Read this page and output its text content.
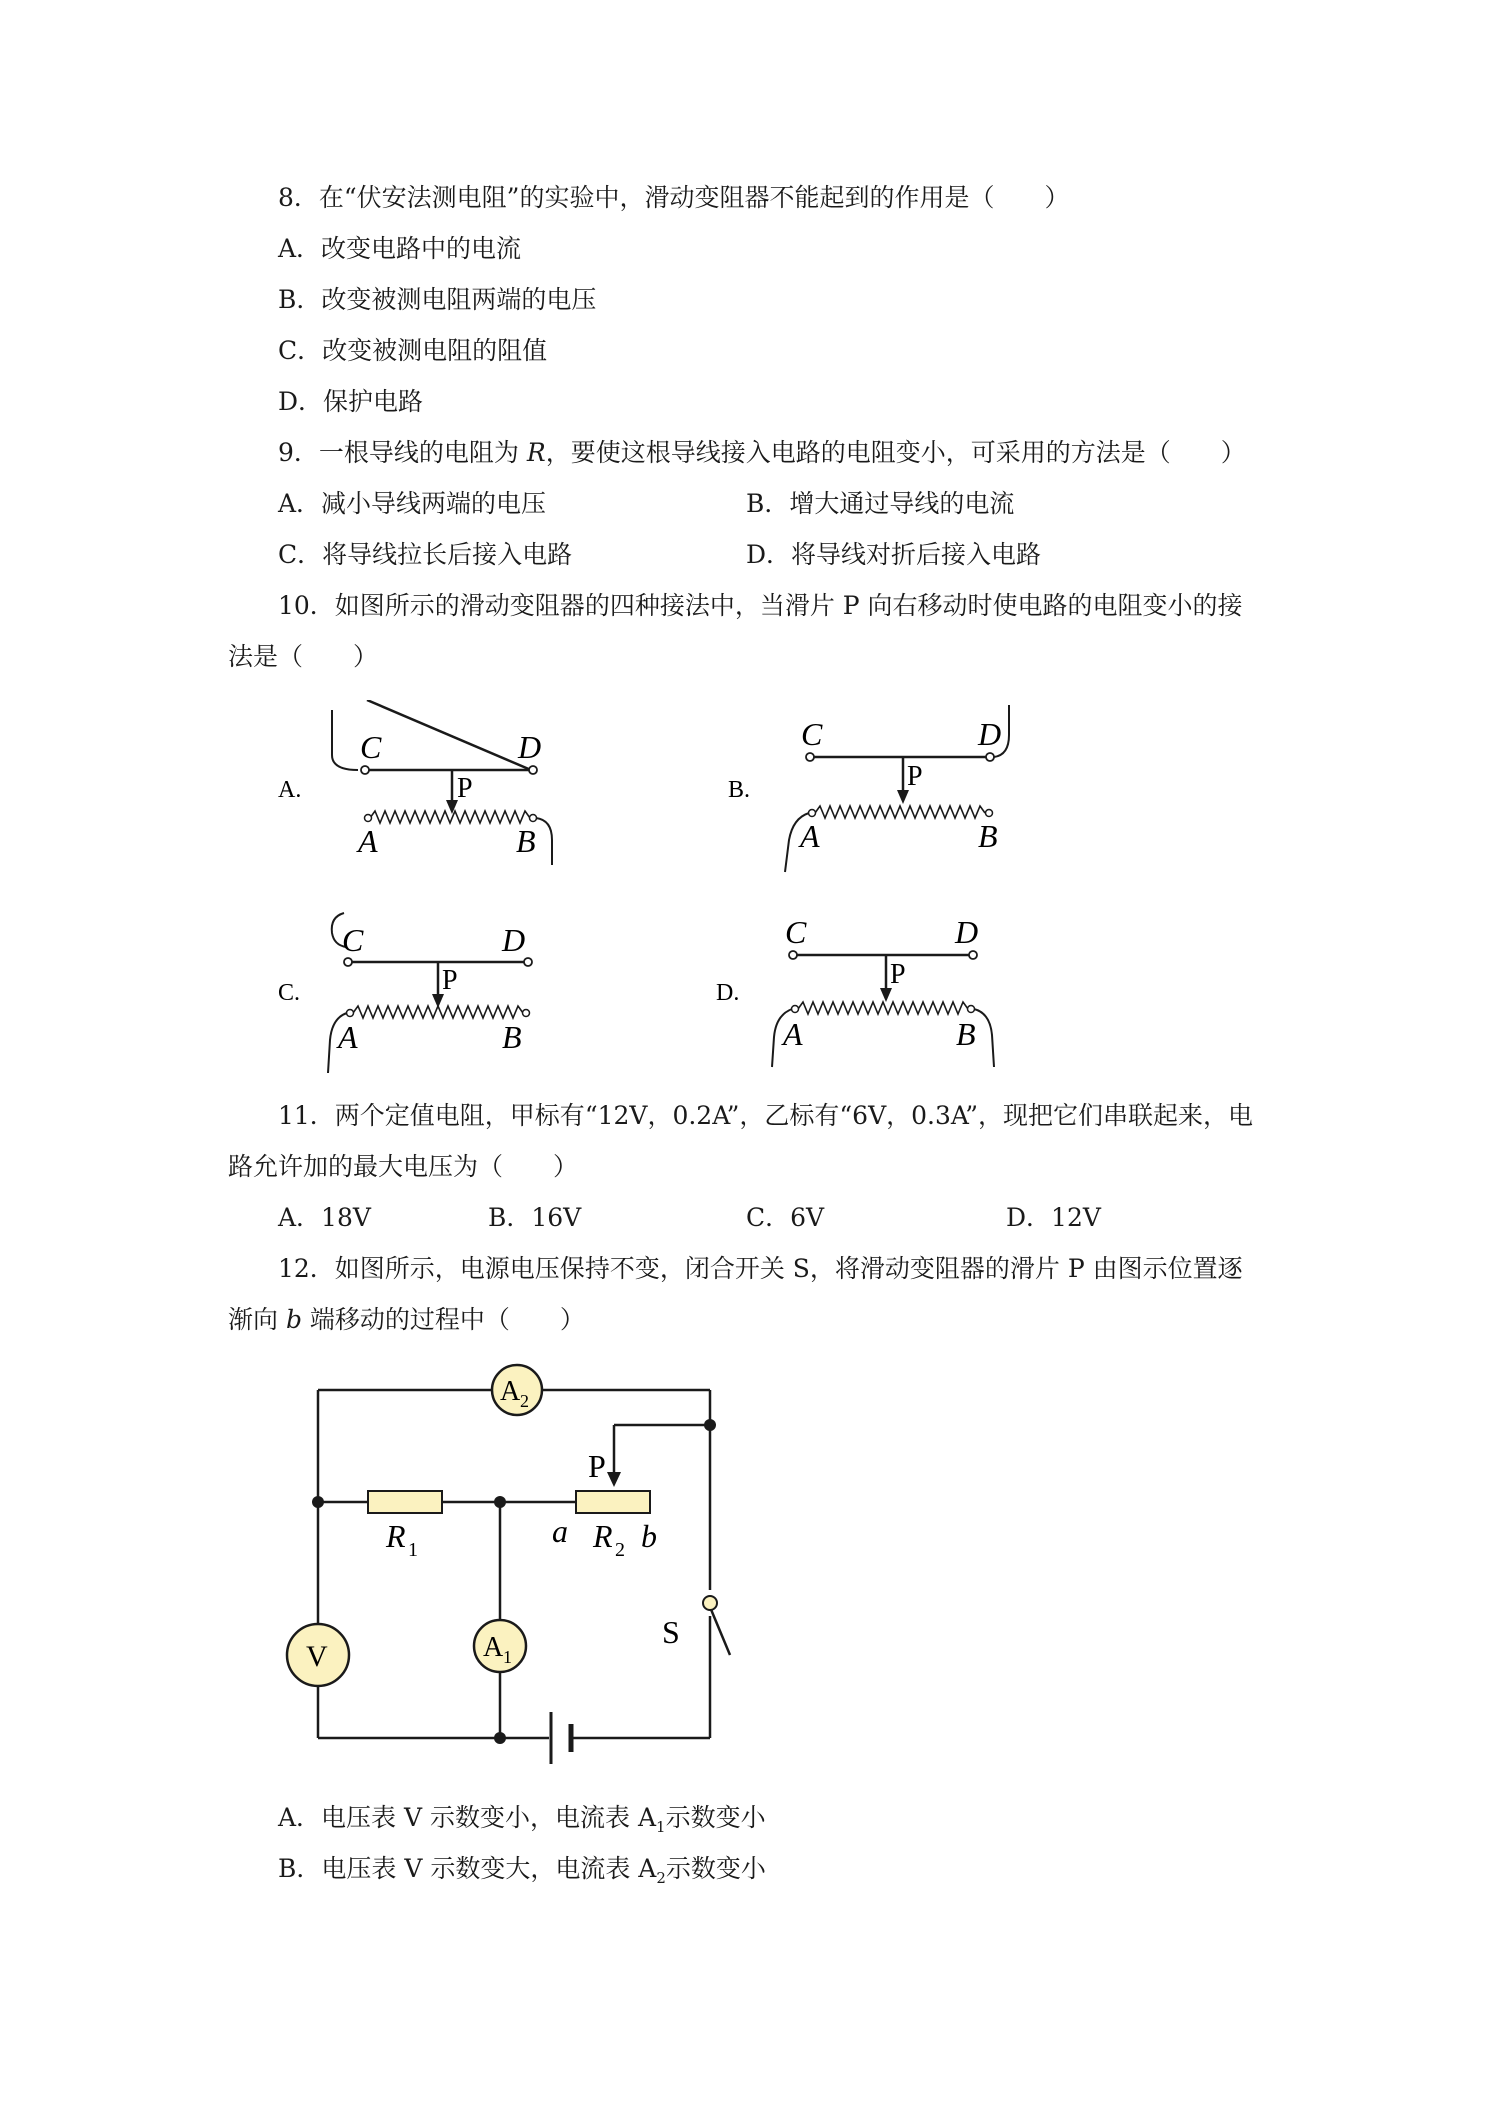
8．在“伏安法测电阻”的实验中，滑动变阻器不能起到的作用是（　　）
A．改变电路中的电流
B．改变被测电阻两端的电压
C．改变被测电阻的阻值
D．保护电路
9．一根导线的电阻为 R，要使这根导线接入电路的电阻变小，可采用的方法是（　　）
A．减小导线两端的电压	B．增大通过导线的电流
C．将导线拉长后接入电路	D．将导线对折后接入电路
10．如图所示的滑动变阻器的四种接法中，当滑片 P 向右移动时使电路的电阻变小的接
法是（　　）
A.
C	D
P
A	B
B.
C	D
P
A	B
C.
C	D
P
A	B
D.
C	D
P
A	B
11．两个定值电阻，甲标有“12V，0.2A”，乙标有“6V，0.3A”，现把它们串联起来，电
路允许加的最大电压为（　　）
A．18V	B．16V	C．6V	D．12V
12．如图所示，电源电压保持不变，闭合开关 S，将滑动变阻器的滑片 P 由图示位置逐
渐向 b 端移动的过程中（　　）
S
R 1	R 2
a b
P
A 2
V	A 1
A．电压表 V 示数变小，电流表 $A_1$示数变小
B．电压表 V 示数变大，电流表 $A_2$示数变小
